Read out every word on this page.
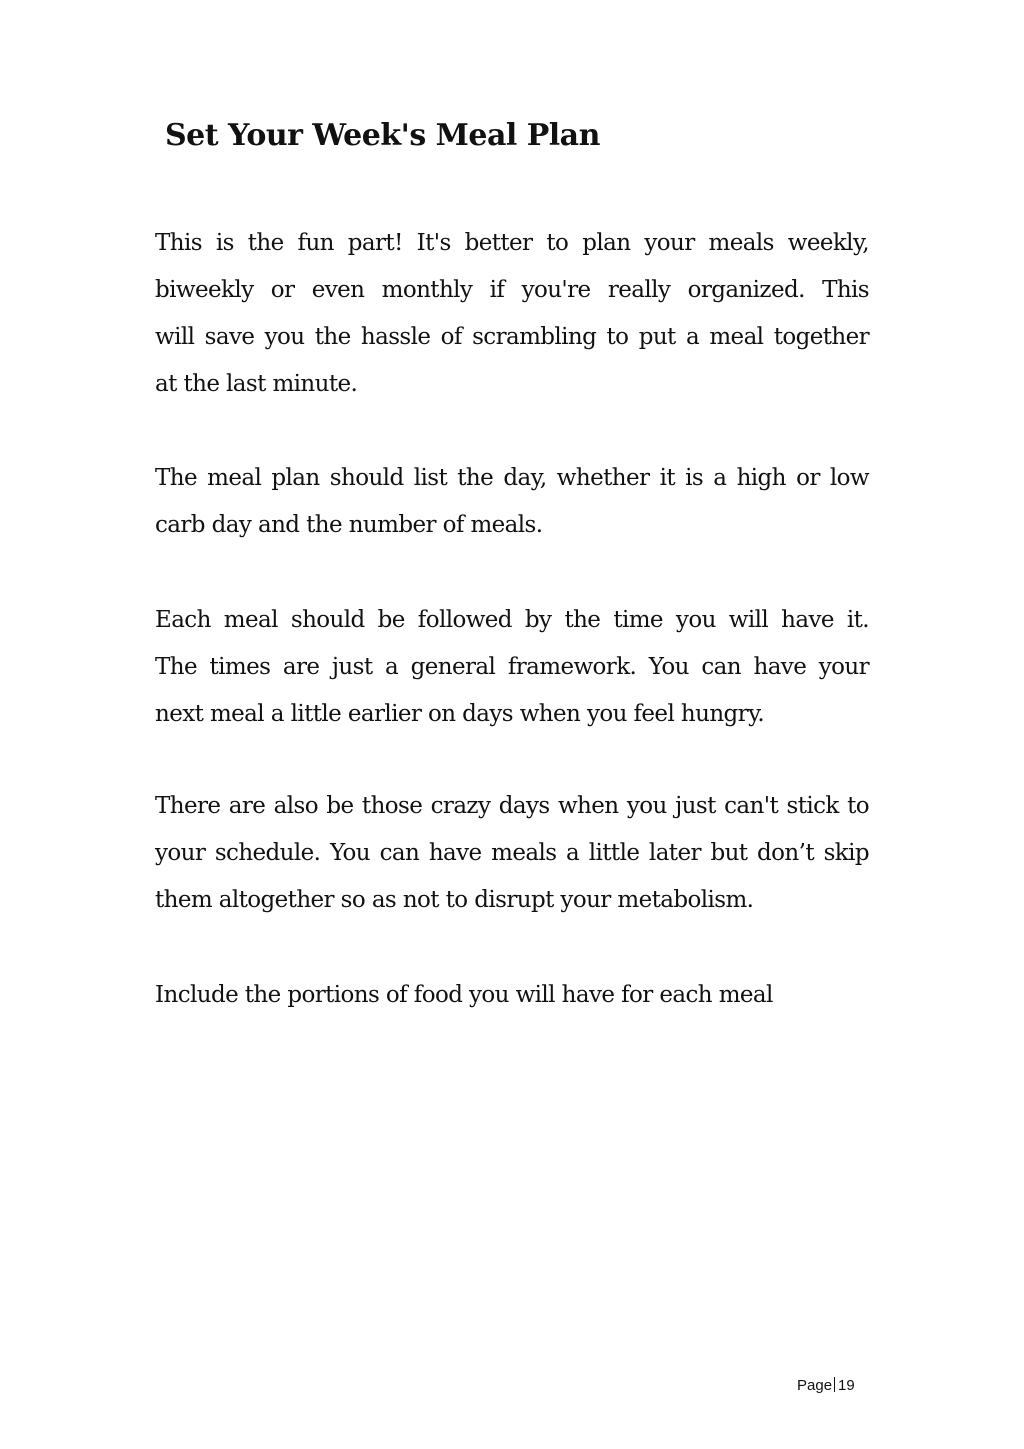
Set Your Week's Meal Plan
This is the fun part! It's better to plan your meals weekly,
biweekly or even monthly if you're really organized. This
will save you the hassle of scrambling to put a meal together
at the last minute.
The meal plan should list the day, whether it is a high or low
carb day and the number of meals.
Each meal should be followed by the time you will have it.
The times are just a general framework. You can have your
next meal a little earlier on days when you feel hungry.
There are also be those crazy days when you just can't stick to
your schedule. You can have meals a little later but don’t skip
them altogether so as not to disrupt your metabolism.
Include the portions of food you will have for each meal
Page 19
